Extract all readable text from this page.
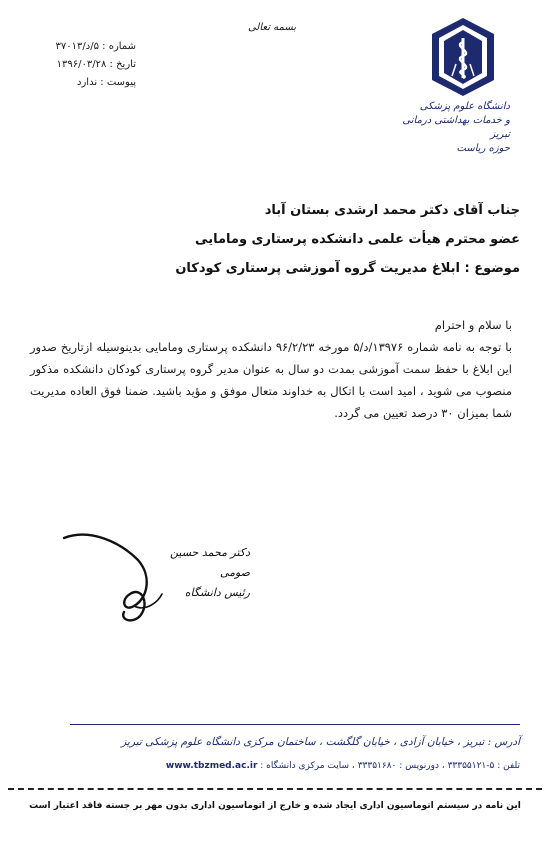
شماره : ۵/د/۳۷۰۱۳
تاریخ : ۱۳۹۶/۰۳/۲۸
پیوست : ندارد
بسمه تعالی
دانشگاه علوم پزشکی
و خدمات بهداشتی درمانی تبریز
حوزه ریاست
جناب آقای دکتر محمد ارشدی بستان آباد
عضو محترم هیأت علمی دانشکده پرستاری ومامایی
موضوع : ابلاغ مدیریت گروه آموزشی پرستاری کودکان
با سلام و احترام
با توجه به نامه شماره ۱۳۹۷۶/د/۵ مورخه ۹۶/۲/۲۳ دانشکده پرستاری ومامایی بدینوسیله ازتاریخ صدور این ابلاغ با حفظ سمت آموزشی بمدت دو سال به عنوان مدیر گروه پرستاری کودکان دانشکده مذکور منصوب می شوید ، امید است با اتکال به خداوند متعال موفق و مؤید باشید. ضمنا فوق العاده مدیریت شما بمیزان ۳۰ درصد تعیین می گردد.
دکتر محمد حسین صومی
رئیس دانشگاه
آدرس : تبریز ، خیابان آزادی ، خیابان گلگشت ، ساختمان مرکزی دانشگاه علوم پزشکی تبریز
تلفن : ۵-۳۳۳۵۵۱۲۱ ، دورنویس : ۳۳۳۵۱۶۸۰ ، سایت مرکزی دانشگاه : www.tbzmed.ac.ir
این نامه در سیستم اتوماسیون اداری ایجاد شده و خارج از اتوماسیون اداری بدون مهر بر جسته فاقد اعتبار است
